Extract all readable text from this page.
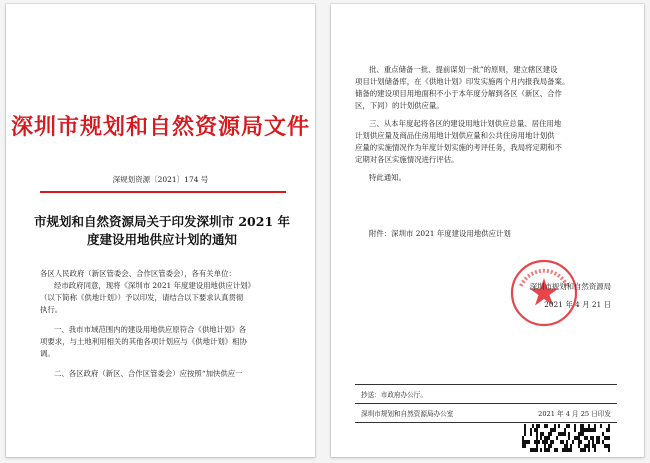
深圳市规划和自然资源局文件
深规划资源〔2021〕174 号
市规划和自然资源局关于印发深圳市 2021 年
度建设用地供应计划的通知

各区人民政府（新区管委会、合作区管委会），各有关单位：

经市政府同意，现将《深圳市 2021 年度建设用地供应计划》

（以下简称《供地计划》）予以印发，请结合以下要求认真贯彻

执行。

一、我市市域范围内的建设用地供应原符合《供地计划》各

项要求，与土地利用相关的其他各项计划应与《供地计划》相协

调。

二、各区政府（新区、合作区管委会）应按照“加快供应一

批、重点储备一批、提前谋划一批”的原则，建立辖区建设

项目计划储备库，在《供地计划》印发实施两个月内报我局备案。

储备的建设项目用地面积不小于本年度分解到各区（新区、合作

区，下同）的计划供应量。

三、从本年度起将各区的建设用地计划供应总量、居住用地

计划供应量及商品住房用地计划供应量和公共住房用地计划供

应量的实施情况作为年度计划实施的考评任务，我局将定期和不

定期对各区实施情况进行评估。

特此通知。

附件：深圳市 2021 年度建设用地供应计划
深圳市规划和自然资源局
2021 年 4 月 21 日
抄送：市政府办公厅。
深圳市规划和自然资源局办公室	2021 年 4 月 25 日印发
